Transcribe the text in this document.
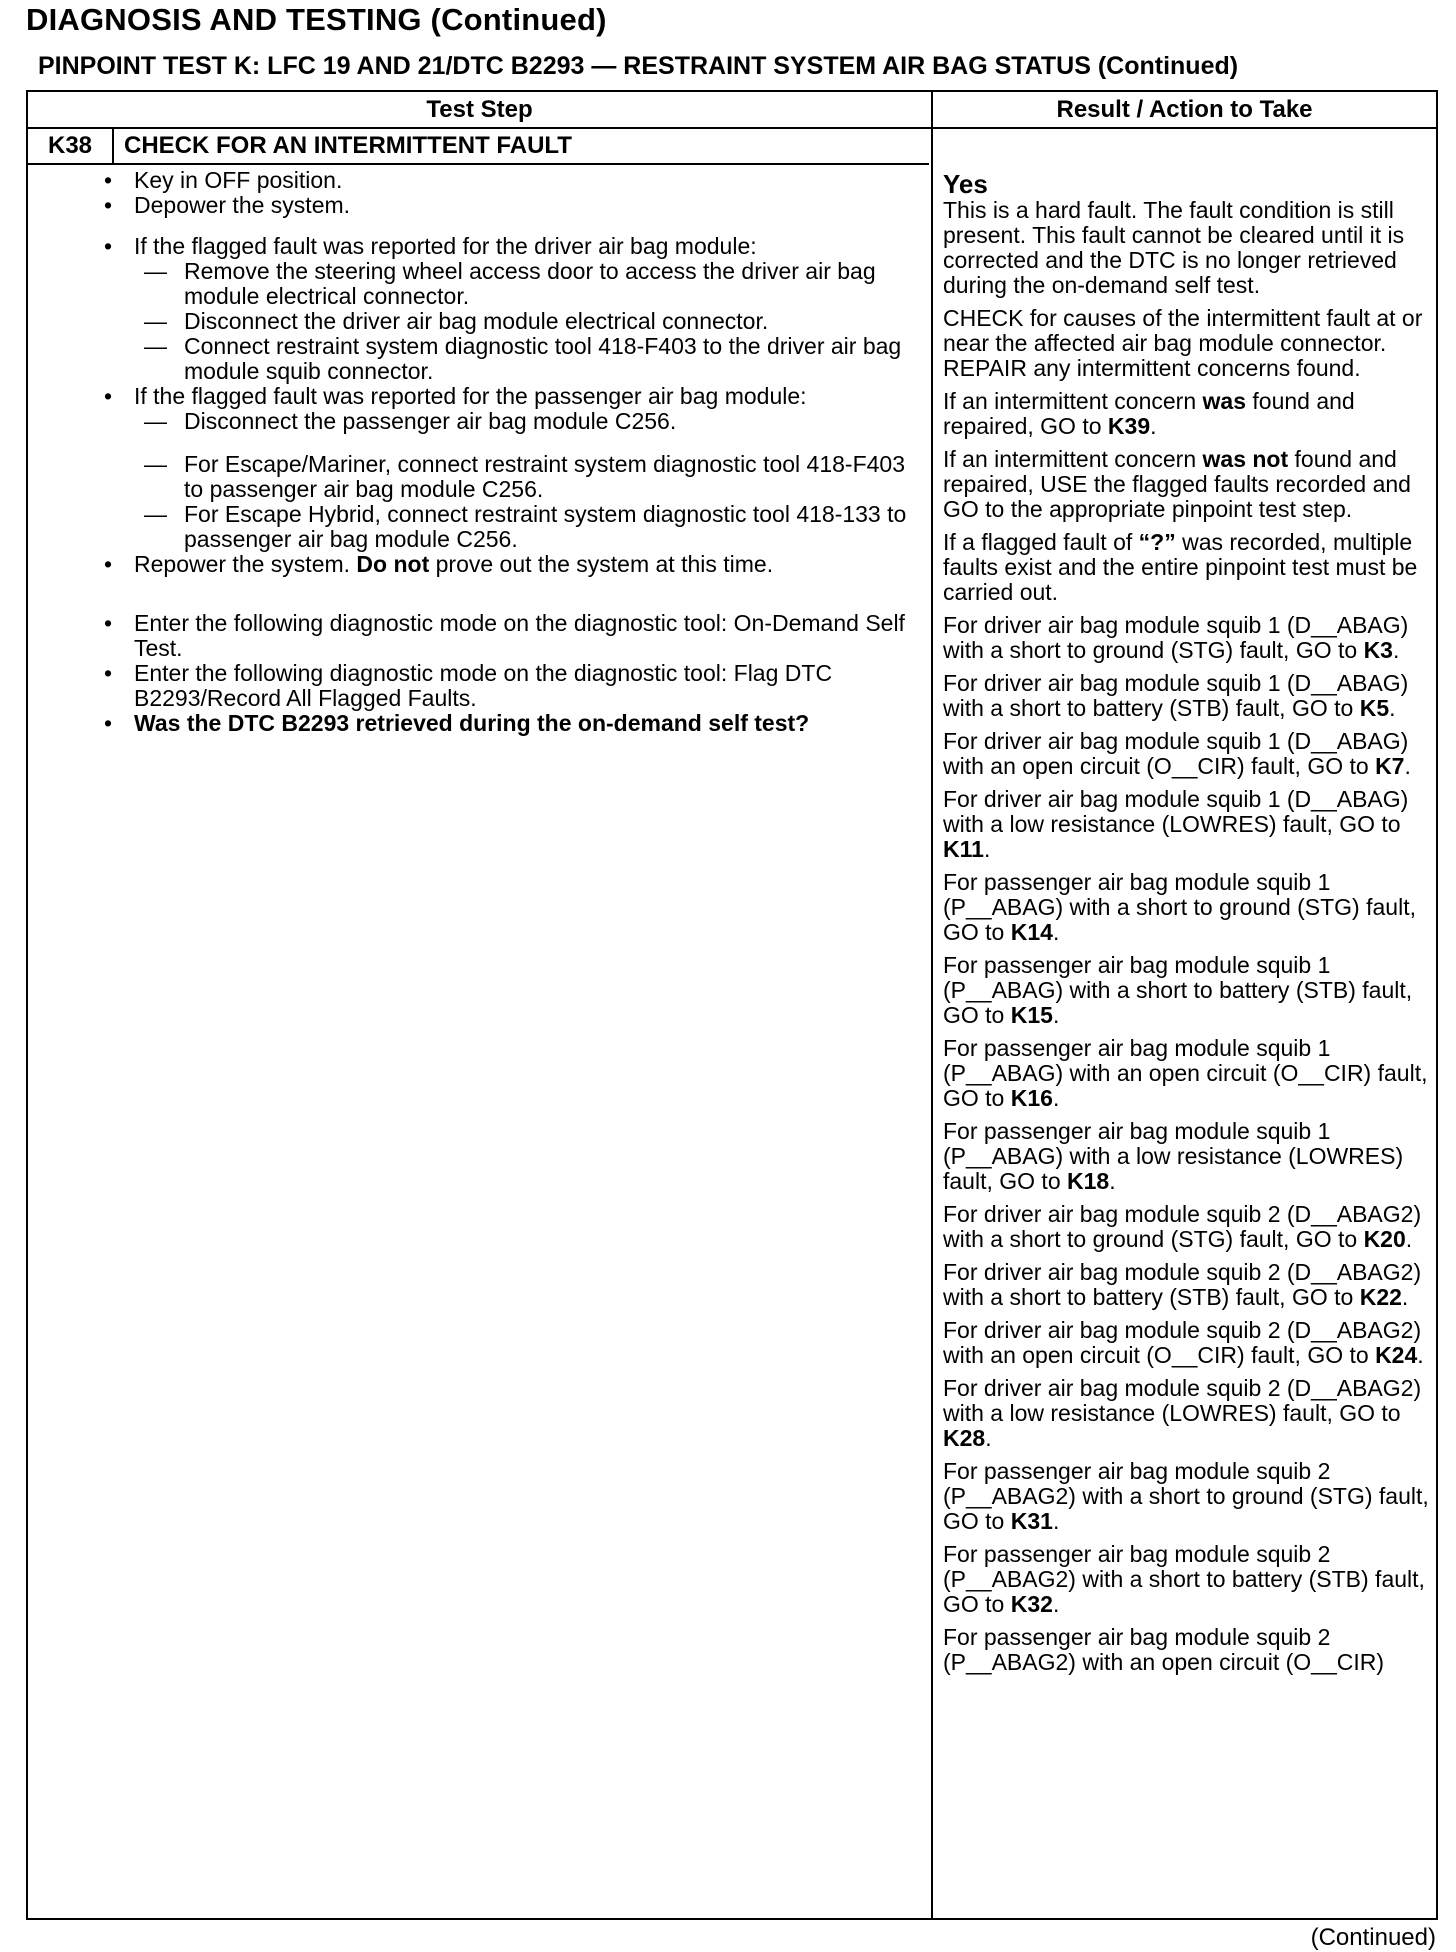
DIAGNOSIS AND TESTING (Continued)
PINPOINT TEST K: LFC 19 AND 21/DTC B2293 — RESTRAINT SYSTEM AIR BAG STATUS (Continued)
Test Step	Result / Action to Take
K38	CHECK FOR AN INTERMITTENT FAULT
• Key in OFF position.
• Depower the system.
• If the flagged fault was reported for the driver air bag module:
— Remove the steering wheel access door to access the driver air bag module electrical connector.
— Disconnect the driver air bag module electrical connector.
— Connect restraint system diagnostic tool 418-F403 to the driver air bag module squib connector.
• If the flagged fault was reported for the passenger air bag module:
— Disconnect the passenger air bag module C256.
— For Escape/Mariner, connect restraint system diagnostic tool 418-F403 to passenger air bag module C256.
— For Escape Hybrid, connect restraint system diagnostic tool 418-133 to passenger air bag module C256.
• Repower the system. Do not prove out the system at this time.
• Enter the following diagnostic mode on the diagnostic tool: On-Demand Self Test.
• Enter the following diagnostic mode on the diagnostic tool: Flag DTC B2293/Record All Flagged Faults.
• Was the DTC B2293 retrieved during the on-demand self test?
Yes

This is a hard fault. The fault condition is still present. This fault cannot be cleared until it is corrected and the DTC is no longer retrieved during the on-demand self test.

CHECK for causes of the intermittent fault at or near the affected air bag module connector. REPAIR any intermittent concerns found.

If an intermittent concern was found and repaired, GO to K39.

If an intermittent concern was not found and repaired, USE the flagged faults recorded and GO to the appropriate pinpoint test step.

If a flagged fault of “?” was recorded, multiple faults exist and the entire pinpoint test must be carried out.

For driver air bag module squib 1 (D__ABAG) with a short to ground (STG) fault, GO to K3.

For driver air bag module squib 1 (D__ABAG) with a short to battery (STB) fault, GO to K5.

For driver air bag module squib 1 (D__ABAG) with an open circuit (O__CIR) fault, GO to K7.

For driver air bag module squib 1 (D__ABAG) with a low resistance (LOWRES) fault, GO to K11.

For passenger air bag module squib 1 (P__ABAG) with a short to ground (STG) fault, GO to K14.

For passenger air bag module squib 1 (P__ABAG) with a short to battery (STB) fault, GO to K15.

For passenger air bag module squib 1 (P__ABAG) with an open circuit (O__CIR) fault, GO to K16.

For passenger air bag module squib 1 (P__ABAG) with a low resistance (LOWRES) fault, GO to K18.

For driver air bag module squib 2 (D__ABAG2) with a short to ground (STG) fault, GO to K20.

For driver air bag module squib 2 (D__ABAG2) with a short to battery (STB) fault, GO to K22.

For driver air bag module squib 2 (D__ABAG2) with an open circuit (O__CIR) fault, GO to K24.

For driver air bag module squib 2 (D__ABAG2) with a low resistance (LOWRES) fault, GO to K28.

For passenger air bag module squib 2 (P__ABAG2) with a short to ground (STG) fault, GO to K31.

For passenger air bag module squib 2 (P__ABAG2) with a short to battery (STB) fault, GO to K32.

For passenger air bag module squib 2 (P__ABAG2) with an open circuit (O__CIR)

(Continued)
